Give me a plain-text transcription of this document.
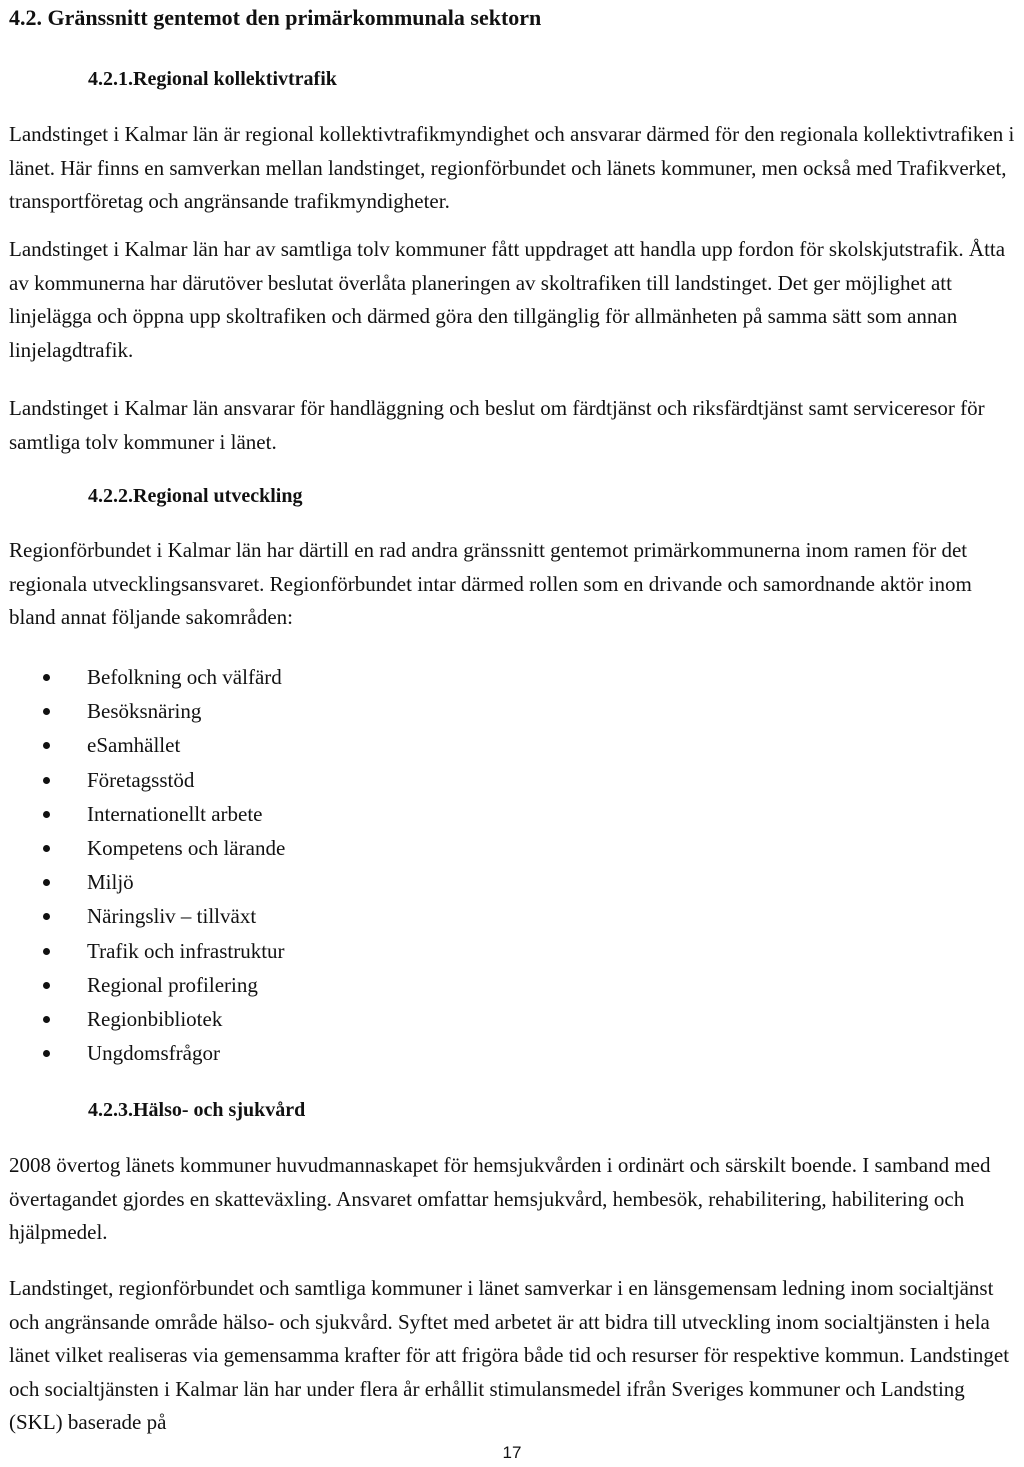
4.2. Gränssnitt gentemot den primärkommunala sektorn
4.2.1.Regional kollektivtrafik

Landstinget i Kalmar län är regional kollektivtrafikmyndighet och ansvarar därmed för den regionala kollektivtrafiken i länet. Här finns en samverkan mellan landstinget, regionförbundet och länets kommuner, men också med Trafikverket, transportföretag och angränsande trafikmyndigheter.

Landstinget i Kalmar län har av samtliga tolv kommuner fått uppdraget att handla upp fordon för skolskjutstrafik. Åtta av kommunerna har därutöver beslutat överlåta planeringen av skoltrafiken till landstinget. Det ger möjlighet att linjelägga och öppna upp skoltrafiken och därmed göra den tillgänglig för allmänheten på samma sätt som annan linjelagdtrafik.

Landstinget i Kalmar län ansvarar för handläggning och beslut om färdtjänst och riksfärdtjänst samt serviceresor för samtliga tolv kommuner i länet.

4.2.2.Regional utveckling

Regionförbundet i Kalmar län har därtill en rad andra gränssnitt gentemot primärkommunerna inom ramen för det regionala utvecklingsansvaret. Regionförbundet intar därmed rollen som en drivande och samordnande aktör inom bland annat följande sakområden:

Befolkning och välfärd
Besöksnäring
eSamhället
Företagsstöd
Internationellt arbete
Kompetens och lärande
Miljö
Näringsliv – tillväxt
Trafik och infrastruktur
Regional profilering
Regionbibliotek
Ungdomsfrågor
4.2.3.Hälso- och sjukvård

2008 övertog länets kommuner huvudmannaskapet för hemsjukvården i ordinärt och särskilt boende. I samband med övertagandet gjordes en skatteväxling. Ansvaret omfattar hemsjukvård, hembesök, rehabilitering, habilitering och hjälpmedel.

Landstinget, regionförbundet och samtliga kommuner i länet samverkar i en länsgemensam ledning inom socialtjänst och angränsande område hälso- och sjukvård. Syftet med arbetet är att bidra till utveckling inom socialtjänsten i hela länet vilket realiseras via gemensamma krafter för att frigöra både tid och resurser för respektive kommun. Landstinget och socialtjänsten i Kalmar län har under flera år erhållit stimulansmedel ifrån Sveriges kommuner och Landsting (SKL) baserade på

17
